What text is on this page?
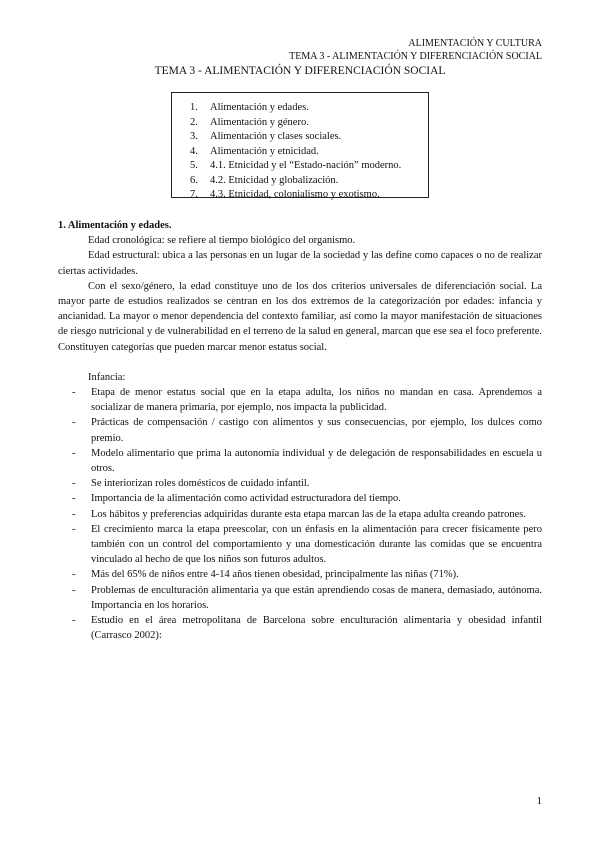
ALIMENTACIÓN Y CULTURA
TEMA 3 - ALIMENTACIÓN Y DIFERENCIACIÓN SOCIAL
TEMA 3 - ALIMENTACIÓN Y DIFERENCIACIÓN SOCIAL
1. Alimentación y edades.
2. Alimentación y género.
3. Alimentación y clases sociales.
4. Alimentación y etnicidad.
5. 4.1. Etnicidad y el “Estado-nación” moderno.
6. 4.2. Etnicidad y globalización.
7. 4.3. Etnicidad, colonialismo y exotismo.

1. Alimentación y edades.

Edad cronológica: se refiere al tiempo biológico del organismo.

Edad estructural: ubica a las personas en un lugar de la sociedad y las define como capaces o no de realizar ciertas actividades.

Con el sexo/género, la edad constituye uno de los dos criterios universales de diferenciación social. La mayor parte de estudios realizados se centran en los dos extremos de la categorización por edades: infancia y ancianidad. La mayor o menor dependencia del contexto familiar, así como la mayor manifestación de situaciones de riesgo nutricional y de vulnerabilidad en el terreno de la salud en general, marcan que ese sea el foco preferente. Constituyen categorías que pueden marcar menor estatus social.

Infancia:

- Etapa de menor estatus social que en la etapa adulta, los niños no mandan en casa. Aprendemos a socializar de manera primaria, por ejemplo, nos impacta la publicidad.
- Prácticas de compensación / castigo con alimentos y sus consecuencias, por ejemplo, los dulces como premio.
- Modelo alimentario que prima la autonomía individual y de delegación de responsabilidades en escuela u otros.
- Se interiorizan roles domésticos de cuidado infantil.
- Importancia de la alimentación como actividad estructuradora del tiempo.
- Los hábitos y preferencias adquiridas durante esta etapa marcan las de la etapa adulta creando patrones.
- El crecimiento marca la etapa preescolar, con un énfasis en la alimentación para crecer físicamente pero también con un control del comportamiento y una domesticación durante las comidas que se encuentra vinculado al hecho de que los niños son futuros adultos.
- Más del 65% de niños entre 4-14 años tienen obesidad, principalmente las niñas (71%).
- Problemas de enculturación alimentaria ya que están aprendiendo cosas de manera, demasiado, autónoma. Importancia en los horarios.
- Estudio en el área metropolitana de Barcelona sobre enculturación alimentaria y obesidad infantil (Carrasco 2002):
1
